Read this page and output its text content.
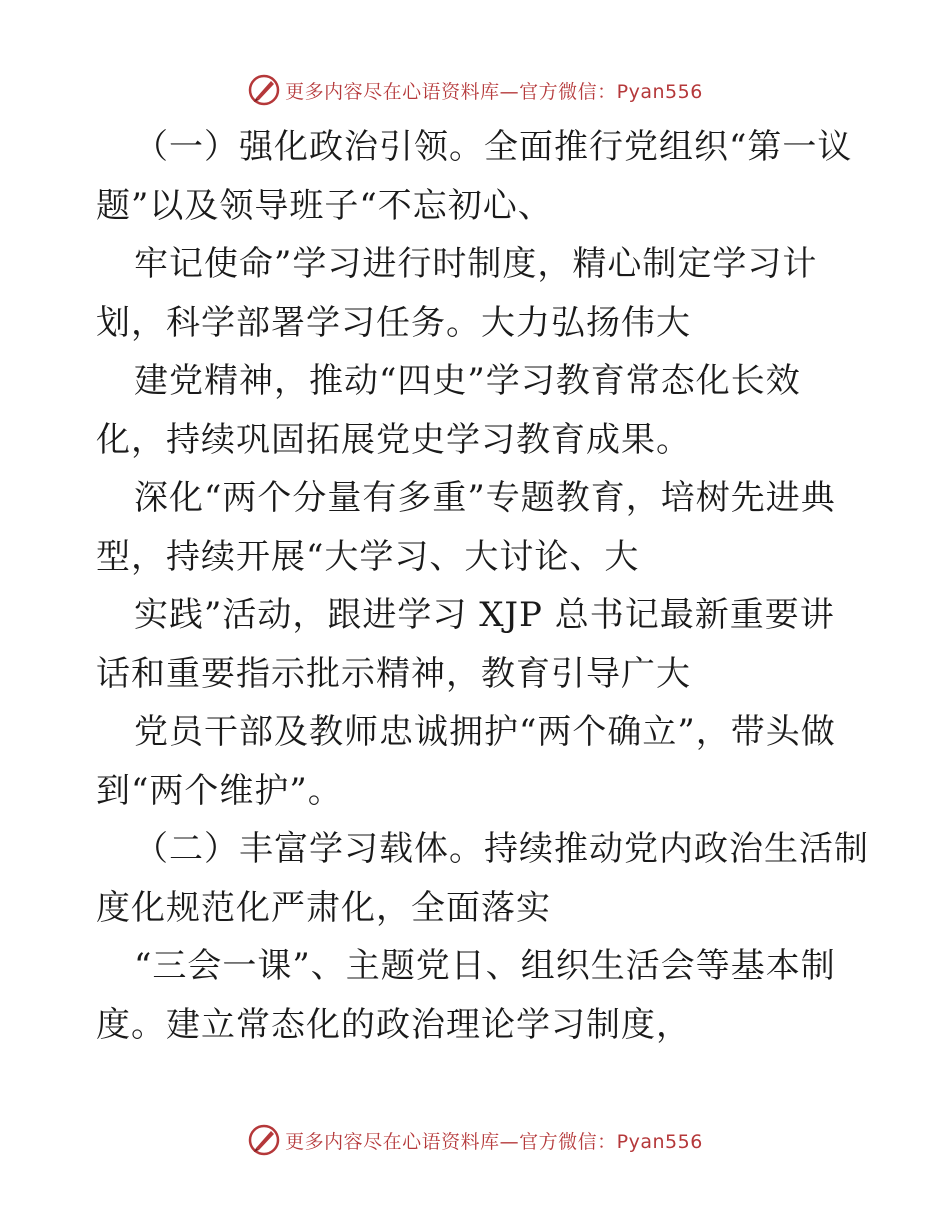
更多内容尽在心语资料库—官方微信：Pyan556
（一）强化政治引领。全面推行党组织“第一议
题”以及领导班子“不忘初心、
牢记使命”学习进行时制度，精心制定学习计
划，科学部署学习任务。大力弘扬伟大
建党精神，推动“四史”学习教育常态化长效
化，持续巩固拓展党史学习教育成果。
深化“两个分量有多重”专题教育，培树先进典
型，持续开展“大学习、大讨论、大
实践”活动，跟进学习 XJP 总书记最新重要讲
话和重要指示批示精神，教育引导广大
党员干部及教师忠诚拥护“两个确立”，带头做
到“两个维护”。
（二）丰富学习载体。持续推动党内政治生活制
度化规范化严肃化，全面落实
“三会一课”、主题党日、组织生活会等基本制
度。建立常态化的政治理论学习制度，
更多内容尽在心语资料库—官方微信：Pyan556
